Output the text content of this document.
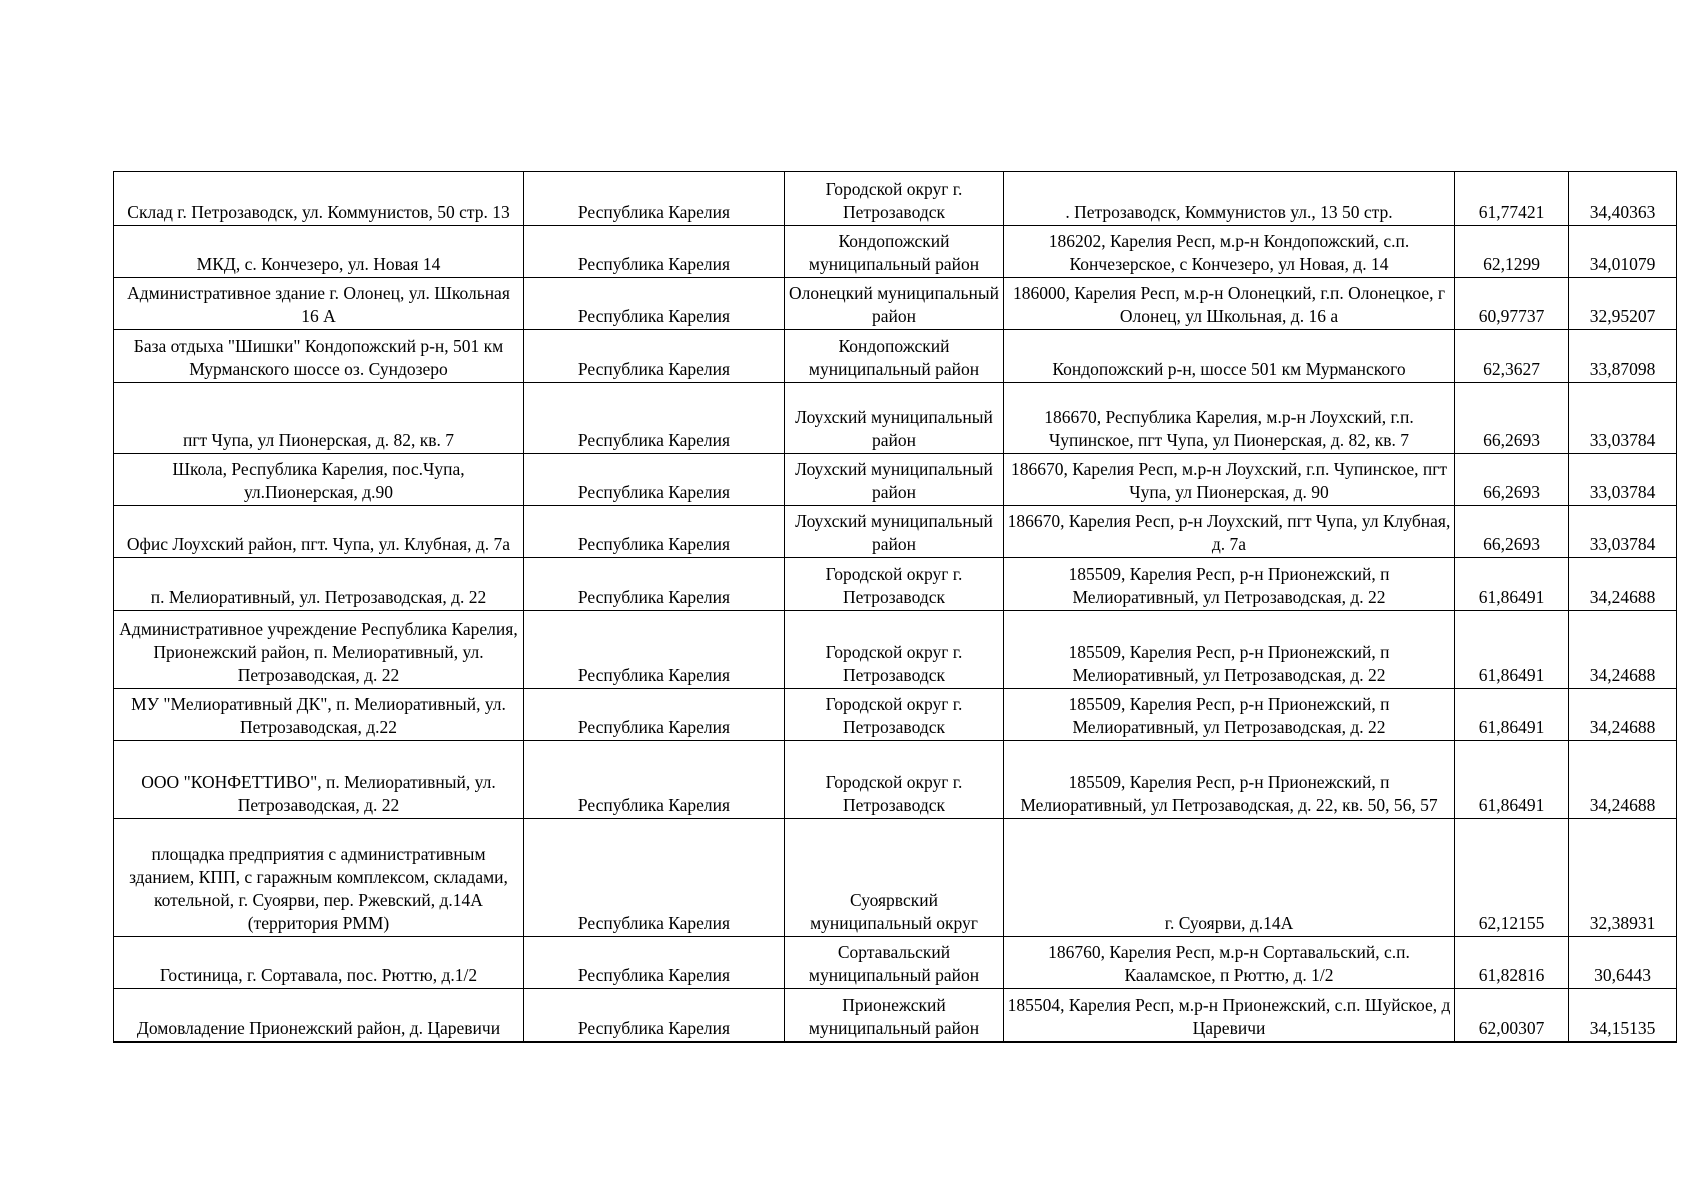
Склад г. Петрозаводск, ул. Коммунистов, 50 стр. 13	Республика Карелия	Городской округ г. Петрозаводск	. Петрозаводск, Коммунистов ул., 13 50 стр.	61,77421	34,40363
МКД, с. Кончезеро, ул. Новая 14	Республика Карелия	Кондопожский муниципальный район	186202, Карелия Респ, м.р-н Кондопожский, с.п. Кончезерское, с Кончезеро, ул Новая, д. 14	62,1299	34,01079
Административное здание г. Олонец, ул. Школьная 16 А	Республика Карелия	Олонецкий муниципальный район	186000, Карелия Респ, м.р-н Олонецкий, г.п. Олонецкое, г Олонец, ул Школьная, д. 16 а	60,97737	32,95207
База отдыха "Шишки" Кондопожский р-н, 501 км Мурманского шоссе оз. Сундозеро	Республика Карелия	Кондопожский муниципальный район	Кондопожский р-н, шоссе 501 км Мурманского	62,3627	33,87098
пгт Чупа, ул Пионерская, д. 82, кв. 7	Республика Карелия	Лоухский муниципальный район	186670, Республика Карелия, м.р-н Лоухский, г.п. Чупинское, пгт Чупа, ул Пионерская, д. 82, кв. 7	66,2693	33,03784
Школа, Республика Карелия, пос.Чупа, ул.Пионерская, д.90	Республика Карелия	Лоухский муниципальный район	186670, Карелия Респ, м.р-н Лоухский, г.п. Чупинское, пгт Чупа, ул Пионерская, д. 90	66,2693	33,03784
Офис Лоухский район, пгт. Чупа, ул. Клубная, д. 7а	Республика Карелия	Лоухский муниципальный район	186670, Карелия Респ, р-н Лоухский, пгт Чупа, ул Клубная, д. 7а	66,2693	33,03784
п. Мелиоративный, ул. Петрозаводская, д. 22	Республика Карелия	Городской округ г. Петрозаводск	185509, Карелия Респ, р-н Прионежский, п Мелиоративный, ул Петрозаводская, д. 22	61,86491	34,24688
Административное учреждение Республика Карелия, Прионежский район, п. Мелиоративный, ул. Петрозаводская, д. 22	Республика Карелия	Городской округ г. Петрозаводск	185509, Карелия Респ, р-н Прионежский, п Мелиоративный, ул Петрозаводская, д. 22	61,86491	34,24688
МУ "Мелиоративный ДК", п. Мелиоративный, ул. Петрозаводская, д.22	Республика Карелия	Городской округ г. Петрозаводск	185509, Карелия Респ, р-н Прионежский, п Мелиоративный, ул Петрозаводская, д. 22	61,86491	34,24688
ООО "КОНФЕТТИВО", п. Мелиоративный, ул. Петрозаводская, д. 22	Республика Карелия	Городской округ г. Петрозаводск	185509, Карелия Респ, р-н Прионежский, п Мелиоративный, ул Петрозаводская, д. 22, кв. 50, 56, 57	61,86491	34,24688
площадка предприятия с административным зданием, КПП, с гаражным комплексом, складами, котельной, г. Суоярви, пер. Ржевский, д.14А (территория РММ)	Республика Карелия	Суоярвский муниципальный округ	г. Суоярви, д.14А	62,12155	32,38931
Гостиница, г. Сортавала, пос. Рюттю, д.1/2	Республика Карелия	Сортавальский муниципальный район	186760, Карелия Респ, м.р-н Сортавальский, с.п. Кааламское, п Рюттю, д. 1/2	61,82816	30,6443
Домовладение Прионежский район, д. Царевичи	Республика Карелия	Прионежский муниципальный район	185504, Карелия Респ, м.р-н Прионежский, с.п. Шуйское, д Царевичи	62,00307	34,15135
